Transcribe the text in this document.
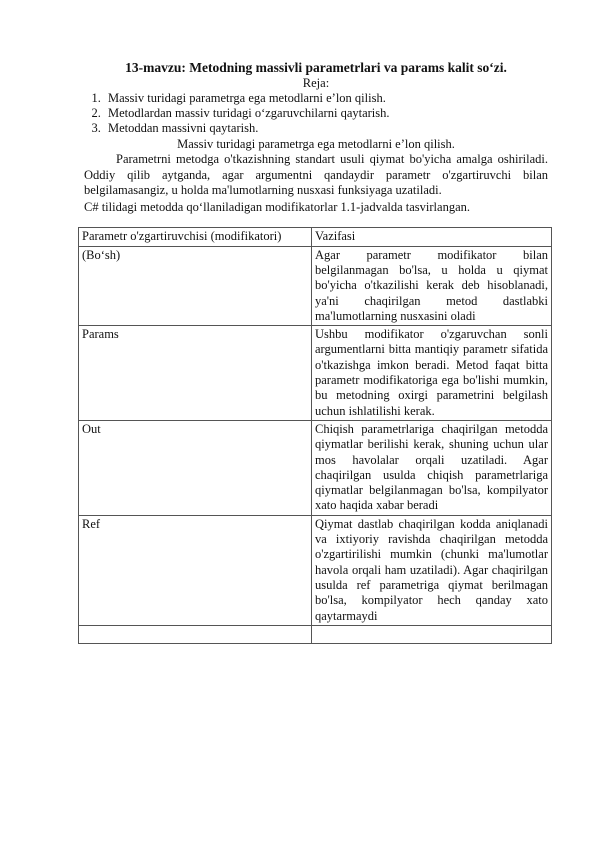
13-mavzu: Metodning massivli parametrlari va params kalit so‘zi.

Reja:

1. Massiv turidagi parametrga ega metodlarni e’lon qilish.
2. Metodlardan massiv turidagi o‘zgaruvchilarni qaytarish.
3. Metoddan massivni qaytarish.

Massiv turidagi parametrga ega metodlarni e’lon qilish.

Parametrni metodga o'tkazishning standart usuli qiymat bo'yicha amalga oshiriladi. Oddiy qilib aytganda, agar argumentni qandaydir parametr o'zgartiruvchi bilan belgilamasangiz, u holda ma'lumotlarning nusxasi funksiyaga uzatiladi.

C# tilidagi metodda qo‘llaniladigan modifikatorlar 1.1-jadvalda tasvirlangan.

Parametr o'zgartiruvchisi (modifikatori)	Vazifasi
(Bo‘sh)	Agar parametr modifikator bilan belgilanmagan bo'lsa, u holda u qiymat bo'yicha o'tkazilishi kerak deb hisoblanadi, ya'ni chaqirilgan metod dastlabki ma'lumotlarning nusxasini oladi
Params	Ushbu modifikator o'zgaruvchan sonli argumentlarni bitta mantiqiy parametr sifatida o'tkazishga imkon beradi. Metod faqat bitta parametr modifikatoriga ega bo'lishi mumkin, bu metodning oxirgi parametrini belgilash uchun ishlatilishi kerak.
Out	Chiqish parametrlariga chaqirilgan metodda qiymatlar berilishi kerak, shuning uchun ular mos havolalar orqali uzatiladi. Agar chaqirilgan usulda chiqish parametrlariga qiymatlar belgilanmagan bo'lsa, kompilyator xato haqida xabar beradi
Ref	Qiymat dastlab chaqirilgan kodda aniqlanadi va ixtiyoriy ravishda chaqirilgan metodda o'zgartirilishi mumkin (chunki ma'lumotlar havola orqali ham uzatiladi). Agar chaqirilgan usulda ref parametriga qiymat berilmagan bo'lsa, kompilyator hech qanday xato qaytarmaydi
